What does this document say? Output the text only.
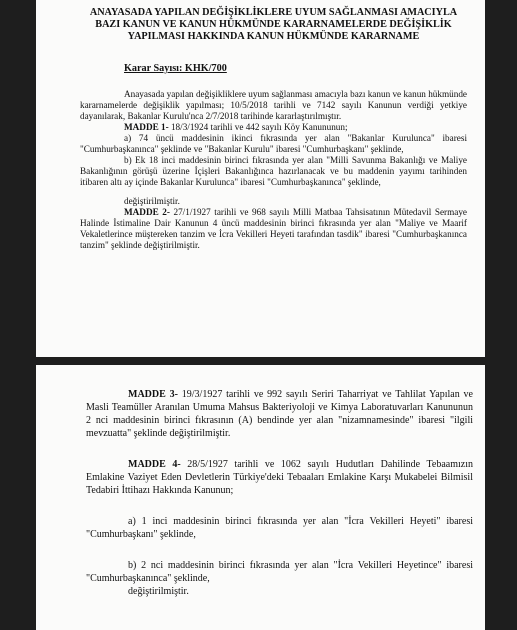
ANAYASADA YAPILAN DEĞİŞİKLİKLERE UYUM SAĞLANMASI AMACIYLA
BAZI KANUN VE KANUN HÜKMÜNDE KARARNAMELERDE DEĞİŞİKLİK
YAPILMASI HAKKINDA KANUN HÜKMÜNDE KARARNAME
Karar Sayısı: KHK/700

Anayasada yapılan değişikliklere uyum sağlanması amacıyla bazı kanun ve kanun hükmünde kararnamelerde değişiklik yapılması; 10/5/2018 tarihli ve 7142 sayılı Kanunun verdiği yetkiye dayanılarak, Bakanlar Kurulu'nca 2/7/2018 tarihinde kararlaştırılmıştır.

MADDE 1- 18/3/1924 tarihli ve 442 sayılı Köy Kanununun;

a) 74 üncü maddesinin ikinci fıkrasında yer alan "Bakanlar Kurulunca" ibaresi "Cumhurbaşkanınca" şeklinde ve "Bakanlar Kurulu" ibaresi "Cumhurbaşkanı" şeklinde,

b) Ek 18 inci maddesinin birinci fıkrasında yer alan "Milli Savunma Bakanlığı ve Maliye Bakanlığının görüşü üzerine İçişleri Bakanlığınca hazırlanacak ve bu maddenin yayımı tarihinden itibaren altı ay içinde Bakanlar Kurulunca" ibaresi "Cumhurbaşkanınca" şeklinde,

değiştirilmiştir.

MADDE 2- 27/1/1927 tarihli ve 968 sayılı Milli Matbaa Tahsisatının Mütedavil Sermaye Halinde İstimaline Dair Kanunun 4 üncü maddesinin birinci fıkrasında yer alan "Maliye ve Maarif Vekaletlerince müştereken tanzim ve İcra Vekilleri Heyeti tarafından tasdik" ibaresi "Cumhurbaşkanınca tanzim" şeklinde değiştirilmiştir.

MADDE 3- 19/3/1927 tarihli ve 992 sayılı Seriri Taharriyat ve Tahlilat Yapılan ve Masli Teamüller Aranılan Umuma Mahsus Bakteriyoloji ve Kimya Laboratuvarları Kanununun 2 nci maddesinin birinci fıkrasının (A) bendinde yer alan "nizamnamesinde" ibaresi "ilgili mevzuatta" şeklinde değiştirilmiştir.

MADDE 4- 28/5/1927 tarihli ve 1062 sayılı Hudutları Dahilinde Tebaamızın Emlakine Vaziyet Eden Devletlerin Türkiye'deki Tebaaları Emlakine Karşı Mukabelei Bilmisil Tedabiri İttihazı Hakkında Kanunun;

a) 1 inci maddesinin birinci fıkrasında yer alan "İcra Vekilleri Heyeti" ibaresi "Cumhurbaşkanı" şeklinde,

b) 2 nci maddesinin birinci fıkrasında yer alan "İcra Vekilleri Heyetince" ibaresi "Cumhurbaşkanınca" şeklinde,

değiştirilmiştir.
